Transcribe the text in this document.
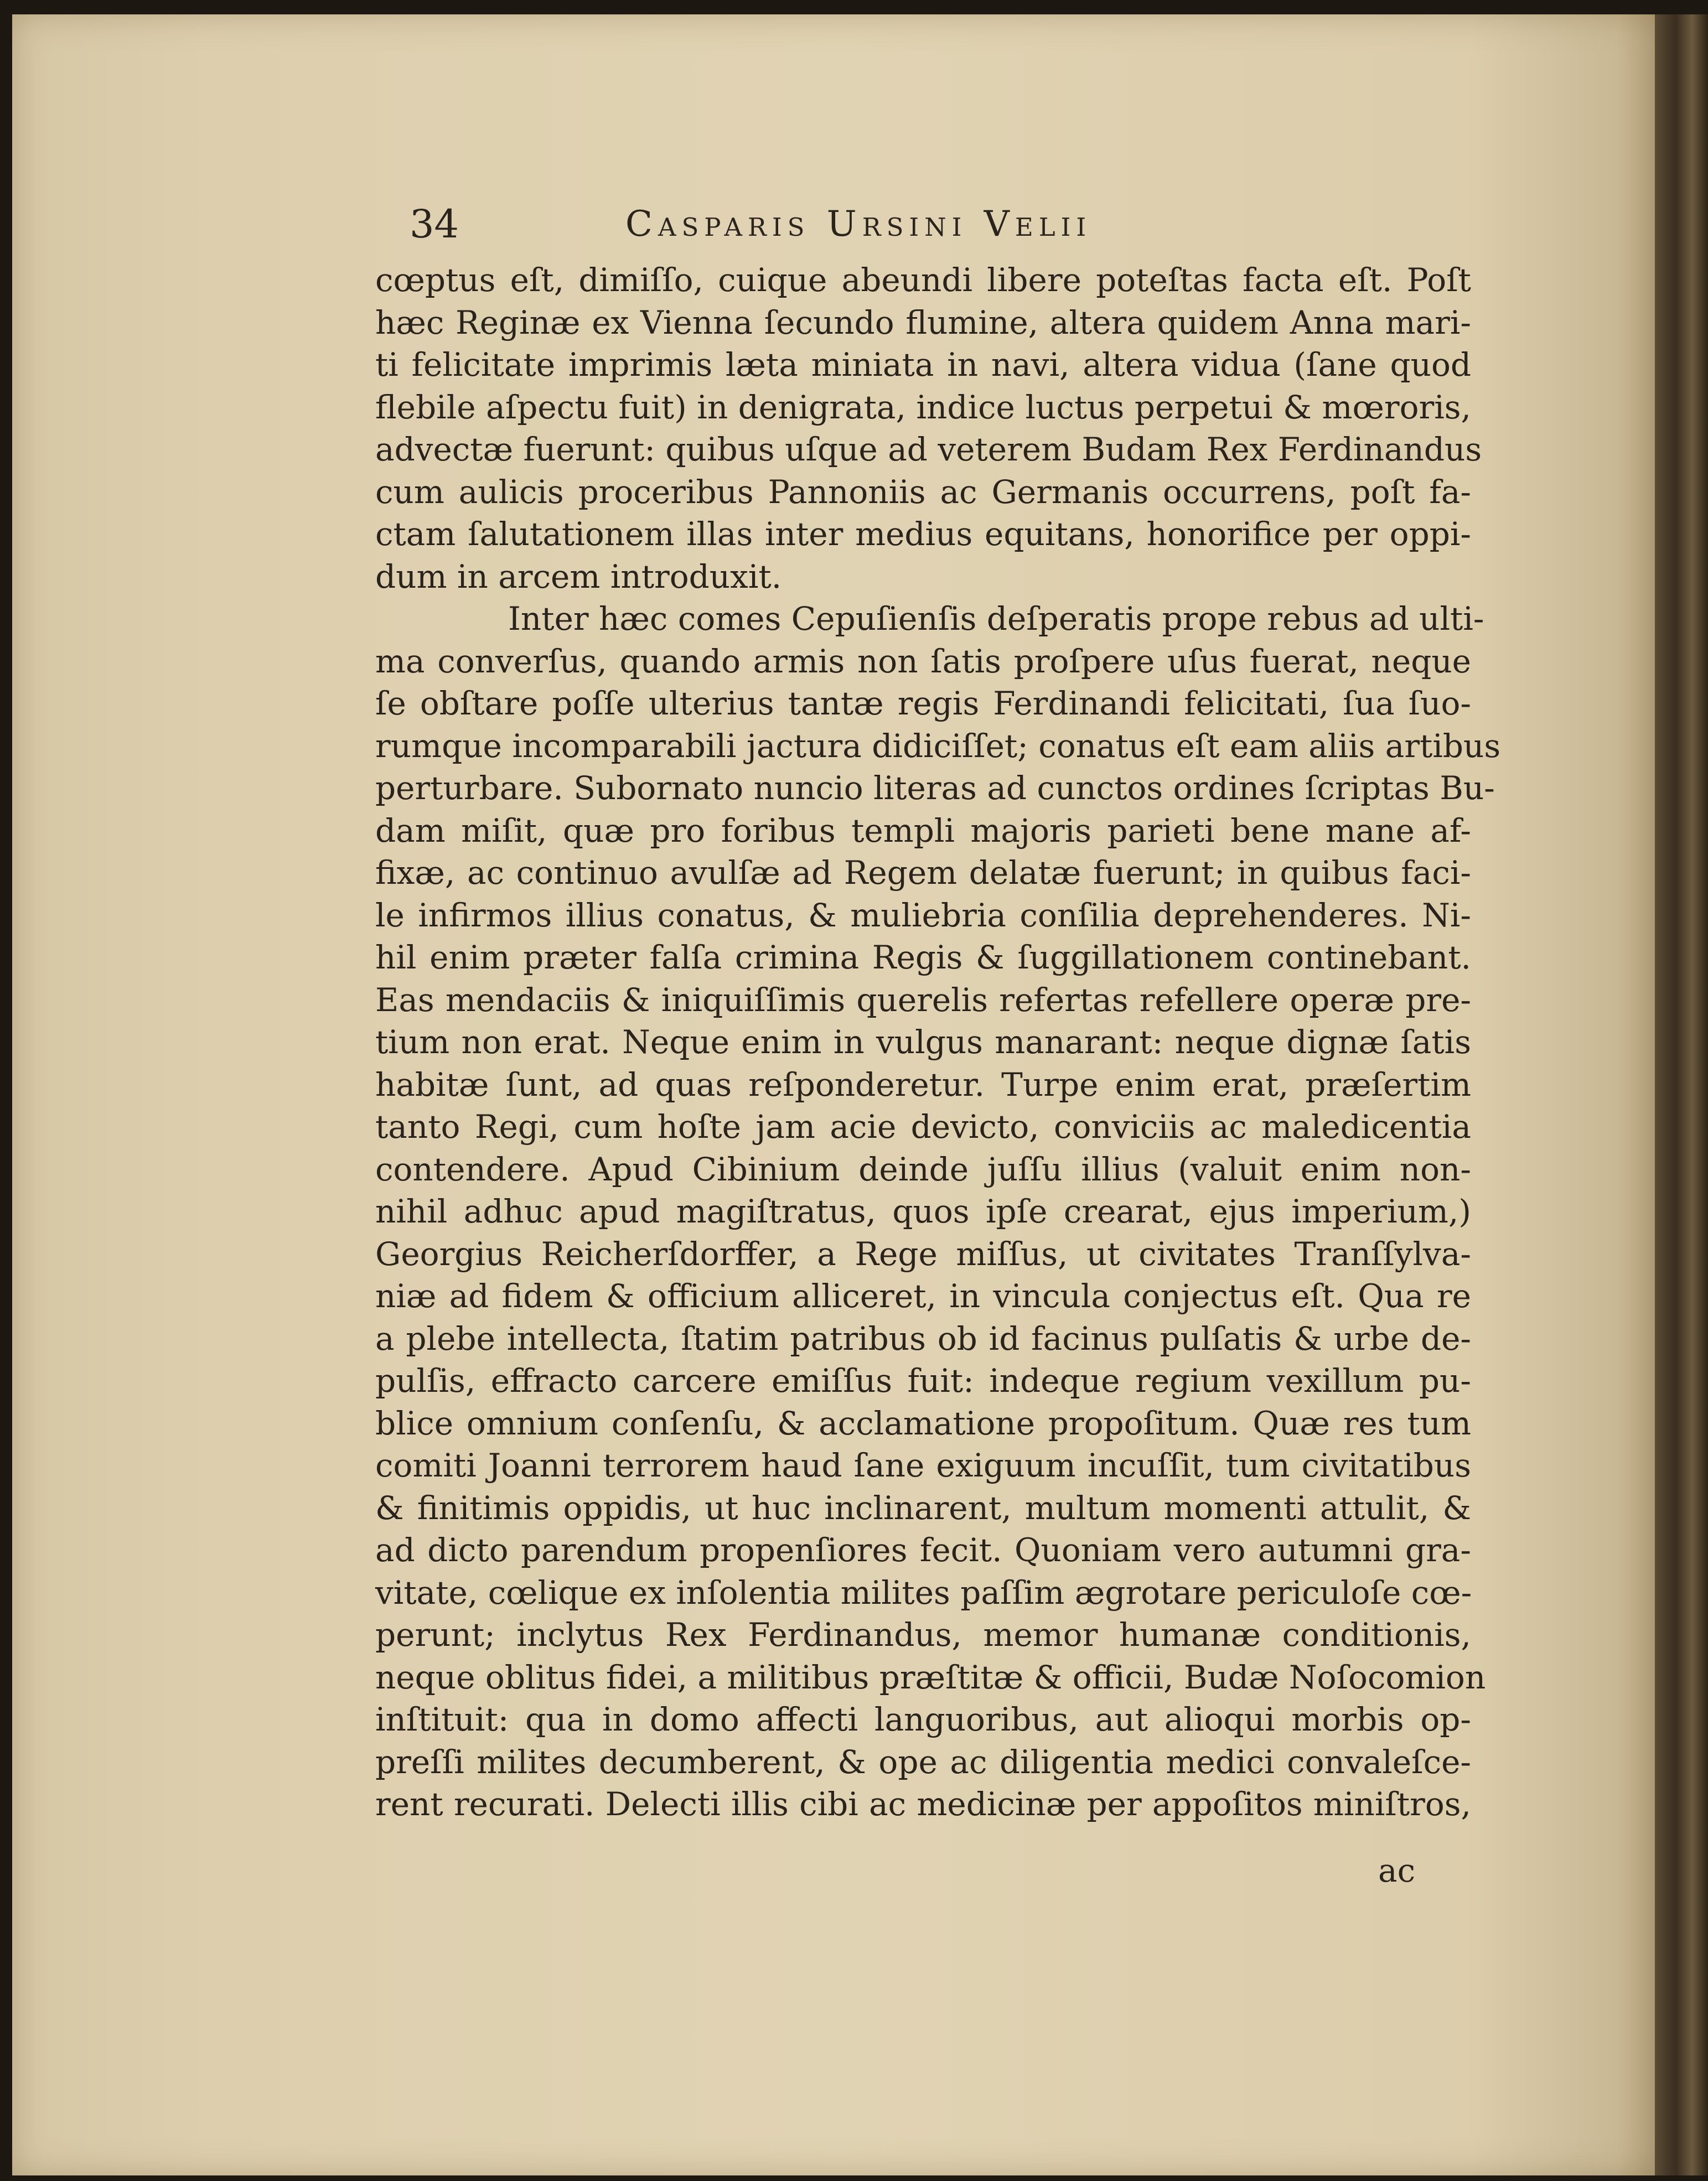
34	Casparis Ursini Velii
cœptus eſt, dimiſſo, cuique abeundi libere poteſtas facta eſt. Poſt
hæc Reginæ ex Vienna ſecundo flumine, altera quidem Anna mari-
ti felicitate imprimis læta miniata in navi, altera vidua (ſane quod
flebile aſpectu fuit) in denigrata, indice luctus perpetui & mœroris,
advectæ fuerunt: quibus uſque ad veterem Budam Rex Ferdinandus
cum aulicis proceribus Pannoniis ac Germanis occurrens, poſt fa-
ctam ſalutationem illas inter medius equitans, honorifice per oppi-
dum in arcem introduxit.
Inter hæc comes Cepuſienſis deſperatis prope rebus ad ulti-
ma converſus, quando armis non ſatis proſpere uſus fuerat, neque
ſe obſtare poſſe ulterius tantæ regis Ferdinandi felicitati, ſua ſuo-
rumque incomparabili jactura didiciſſet; conatus eſt eam aliis artibus
perturbare. Subornato nuncio literas ad cunctos ordines ſcriptas Bu-
dam miſit, quæ pro foribus templi majoris parieti bene mane af-
fixæ, ac continuo avulſæ ad Regem delatæ fuerunt; in quibus faci-
le infirmos illius conatus, & muliebria conſilia deprehenderes. Ni-
hil enim præter falſa crimina Regis & ſuggillationem continebant.
Eas mendaciis & iniquiſſimis querelis refertas refellere operæ pre-
tium non erat. Neque enim in vulgus manarant: neque dignæ ſatis
habitæ ſunt, ad quas reſponderetur. Turpe enim erat, præſertim
tanto Regi, cum hoſte jam acie devicto, conviciis ac maledicentia
contendere. Apud Cibinium deinde juſſu illius (valuit enim non-
nihil adhuc apud magiſtratus, quos ipſe crearat, ejus imperium,)
Georgius Reicherſdorffer, a Rege miſſus, ut civitates Tranſſylva-
niæ ad fidem & officium alliceret, in vincula conjectus eſt. Qua re
a plebe intellecta, ſtatim patribus ob id facinus pulſatis & urbe de-
pulſis, effracto carcere emiſſus fuit: indeque regium vexillum pu-
blice omnium conſenſu, & acclamatione propoſitum. Quæ res tum
comiti Joanni terrorem haud ſane exiguum incuſſit, tum civitatibus
& finitimis oppidis, ut huc inclinarent, multum momenti attulit, &
ad dicto parendum propenſiores fecit. Quoniam vero autumni gra-
vitate, cœlique ex inſolentia milites paſſim ægrotare periculoſe cœ-
perunt; inclytus Rex Ferdinandus, memor humanæ conditionis,
neque oblitus fidei, a militibus præſtitæ & officii, Budæ Noſocomion
inſtituit: qua in domo affecti languoribus, aut alioqui morbis op-
preſſi milites decumberent, & ope ac diligentia medici convaleſce-
rent recurati. Delecti illis cibi ac medicinæ per appoſitos miniſtros,
ac
